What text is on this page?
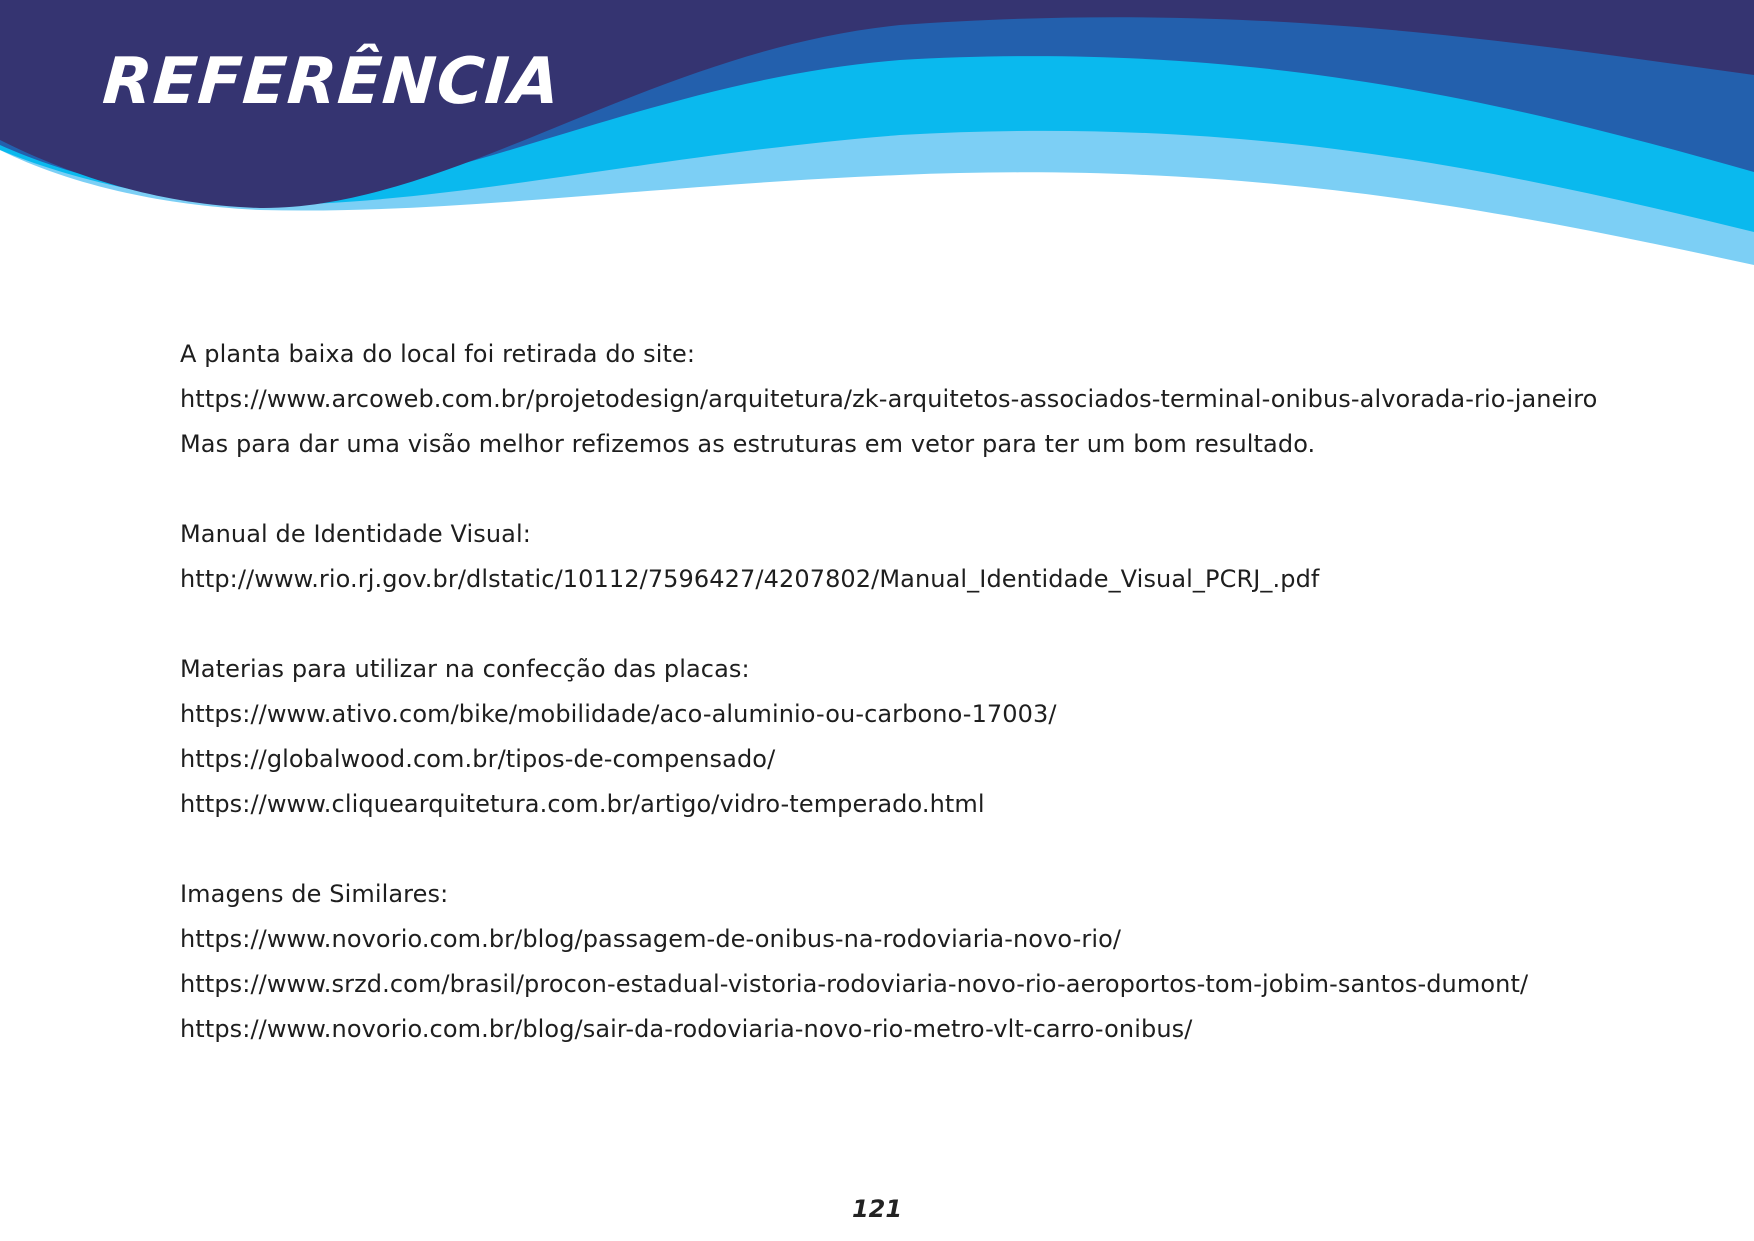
REFERÊNCIA
A planta baixa do local foi retirada do site:
https://www.arcoweb.com.br/projetodesign/arquitetura/zk-arquitetos-associados-terminal-onibus-alvorada-rio-janeiro
Mas para dar uma visão melhor refizemos as estruturas em vetor para ter um bom resultado.
Manual de Identidade Visual:
http://www.rio.rj.gov.br/dlstatic/10112/7596427/4207802/Manual_Identidade_Visual_PCRJ_.pdf
Materias para utilizar na confecção das placas:
https://www.ativo.com/bike/mobilidade/aco-aluminio-ou-carbono-17003/
https://globalwood.com.br/tipos-de-compensado/
https://www.cliquearquitetura.com.br/artigo/vidro-temperado.html
Imagens de Similares:
https://www.novorio.com.br/blog/passagem-de-onibus-na-rodoviaria-novo-rio/
https://www.srzd.com/brasil/procon-estadual-vistoria-rodoviaria-novo-rio-aeroportos-tom-jobim-santos-dumont/
https://www.novorio.com.br/blog/sair-da-rodoviaria-novo-rio-metro-vlt-carro-onibus/
121
